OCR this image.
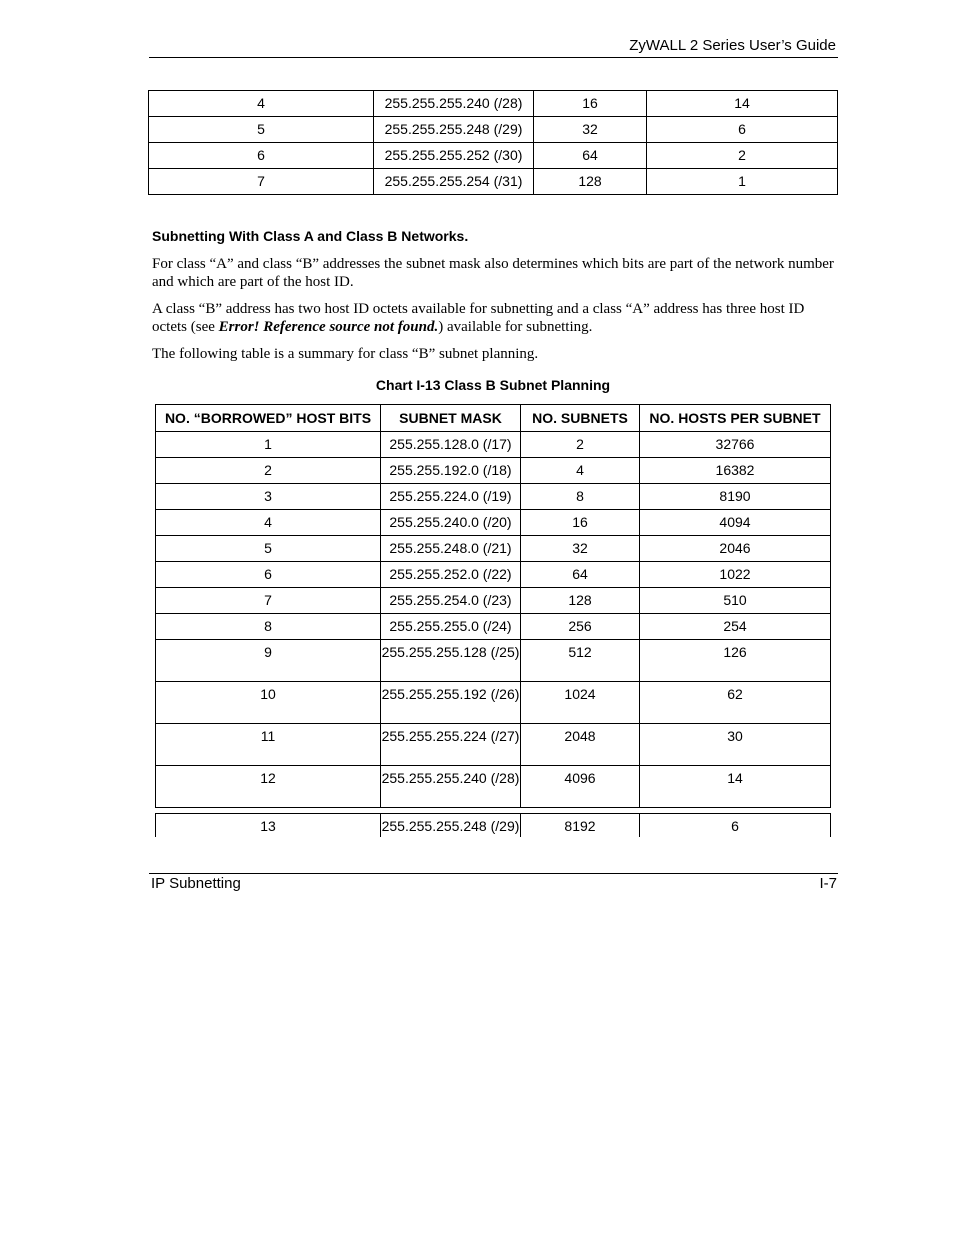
ZyWALL 2 Series User’s Guide
4	255.255.255.240 (/28)	16	14
5	255.255.255.248 (/29)	32	6
6	255.255.255.252 (/30)	64	2
7	255.255.255.254 (/31)	128	1
Subnetting With Class A and Class B Networks.
For class “A” and class “B” addresses the subnet mask also determines which bits are part of the network number and which are part of the host ID.
A class “B” address has two host ID octets available for subnetting and a class “A” address has three host ID octets (see Error! Reference source not found.) available for subnetting.
The following table is a summary for class “B” subnet planning.
Chart I-13 Class B Subnet Planning
NO. “BORROWED” HOST BITS	SUBNET MASK	NO. SUBNETS	NO. HOSTS PER SUBNET
1	255.255.128.0 (/17)	2	32766
2	255.255.192.0 (/18)	4	16382
3	255.255.224.0 (/19)	8	8190
4	255.255.240.0 (/20)	16	4094
5	255.255.248.0 (/21)	32	2046
6	255.255.252.0 (/22)	64	1022
7	255.255.254.0 (/23)	128	510
8	255.255.255.0 (/24)	256	254
9	255.255.255.128 (/25)	512	126
10	255.255.255.192 (/26)	1024	62
11	255.255.255.224 (/27)	2048	30
12	255.255.255.240 (/28)	4096	14
13	255.255.255.248 (/29)	8192	6
IP Subnetting	I-7
